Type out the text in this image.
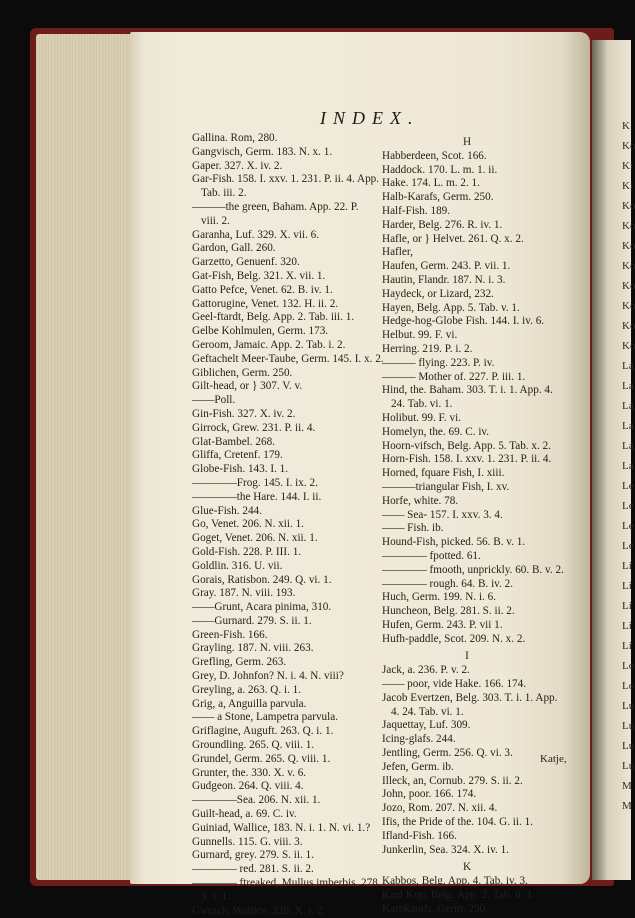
K
Ko
Ki
Ki
Ko
Ko
Ko
Ko
Ko
Ko
Ko
Ko
La
La
La
La
La
La
Le
Le
Le
Le
Li
Li
Li
Li
Li
Lo
Lo
Lu
Lu
Lu
Lu
M
M
INDEX.
Gallina. Rom, 280.
Gangvisch, Germ. 183. N. x. 1.
Gaper. 327. X. iv. 2.
Gar-Fish. 158. I. xxv. 1. 231. P. ii. 4. App.
Tab. iii. 2.
———the green, Baham. App. 22. P.
viii. 2.
Garanha, Luf. 329. X. vii. 6.
Gardon, Gall. 260.
Garzetto, Genuenf. 320.
Gat-Fish, Belg. 321. X. vii. 1.
Gatto Pefce, Venet. 62. B. iv. 1.
Gattorugine, Venet. 132. H. ii. 2.
Geel-ftardt, Belg. App. 2. Tab. iii. 1.
Gelbe Kohlmulen, Germ. 173.
Geroom, Jamaic. App. 2. Tab. i. 2.
Geftachelt Meer-Taube, Germ. 145. I. x. 2.
Giblichen, Germ. 250.
Gilt-head, or } 307. V. v.
——Poll.
Gin-Fish. 327. X. iv. 2.
Girrock, Grew. 231. P. ii. 4.
Glat-Bambel. 268.
Gliffa, Cretenf. 179.
Globe-Fish. 143. I. 1.
————Frog. 145. I. ix. 2.
————the Hare. 144. I. ii.
Glue-Fish. 244.
Go, Venet. 206. N. xii. 1.
Goget, Venet. 206. N. xii. 1.
Gold-Fish. 228. P. III. 1.
Goldlin. 316. U. vii.
Gorais, Ratisbon. 249. Q. vi. 1.
Gray. 187. N. viii. 193.
——Grunt, Acara pinima, 310.
——Gurnard. 279. S. ii. 1.
Green-Fish. 166.
Grayling. 187. N. viii. 263.
Grefling, Germ. 263.
Grey, D. Johnfon? N. i. 4. N. viii?
Greyling, a. 263. Q. i. 1.
Grig, a, Anguilla parvula.
—— a Stone, Lampetra parvula.
Griflagine, Auguft. 263. Q. i. 1.
Groundling. 265. Q. viii. 1.
Grundel, Germ. 265. Q. viii. 1.
Grunter, the. 330. X. v. 6.
Gudgeon. 264. Q. viii. 4.
————Sea. 206. N. xii. 1.
Guilt-head, a. 69. C. iv.
Guiniad, Wallice, 183. N. i. 1. N. vi. 1.?
Gunnells. 115. G. viii. 3.
Gurnard, grey. 279. S. ii. 1.
———— red. 281. S. ii. 2.
———— ftreaked, Mullus imberbis. 278.
S. i. 1.
Gwrach, Wallice. 320. X. i. 2.
H
Habberdeen, Scot. 166.
Haddock. 170. L. m. 1. ii.
Hake. 174. L. m. 2. 1.
Halb-Karafs, Germ. 250.
Half-Fish. 189.
Harder, Belg. 276. R. iv. 1.
Hafle, or } Helvet. 261. Q. x. 2.
Hafler,
Haufen, Germ. 243. P. vii. 1.
Hautin, Flandr. 187. N. i. 3.
Haydeck, or Lizard, 232.
Hayen, Belg. App. 5. Tab. v. 1.
Hedge-hog-Globe Fish. 144. I. iv. 6.
Helbut. 99. F. vi.
Herring. 219. P. i. 2.
——— flying. 223. P. iv.
——— Mother of. 227. P. iii. 1.
Hind, the. Baham. 303. T. i. 1. App. 4.
24. Tab. vi. 1.
Holibut. 99. F. vi.
Homelyn, the. 69. C. iv.
Hoorn-vifsch, Belg. App. 5. Tab. x. 2.
Horn-Fish. 158. I. xxv. 1. 231. P. ii. 4.
Horned, fquare Fish, I. xiii.
———triangular Fish, I. xv.
Horfe, white. 78.
—— Sea- 157. I. xxv. 3. 4.
—— Fish. ib.
Hound-Fish, picked. 56. B. v. 1.
———— fpotted. 61.
———— fmooth, unprickly. 60. B. v. 2.
———— rough. 64. B. iv. 2.
Huch, Germ. 199. N. i. 6.
Huncheon, Belg. 281. S. ii. 2.
Hufen, Germ. 243. P. vii 1.
Hufh-paddle, Scot. 209. N. x. 2.
I
Jack, a. 236. P. v. 2.
—— poor, vide Hake. 166. 174.
Jacob Evertzen, Belg. 303. T. i. 1. App.
4. 24. Tab. vi. 1.
Jaquettay, Luf. 309.
Icing-glafs. 244.
Jentling, Germ. 256. Q. vi. 3.
Jefen, Germ. ib.
Illeck, an, Cornub. 279. S. ii. 2.
John, poor. 166. 174.
Jozo, Rom. 207. N. xii. 4.
Ifis, the Pride of the. 104. G. ii. 1.
Ifland-Fish. 166.
Junkerlin, Sea. 324. X. iv. 1.
K
Kabbos, Belg. App. 4. Tab. iv. 3.
Kael Kop, Belg. App. 2. Tab. ii. 1.
Karpkarafs, Germ. 250.
Katje,
